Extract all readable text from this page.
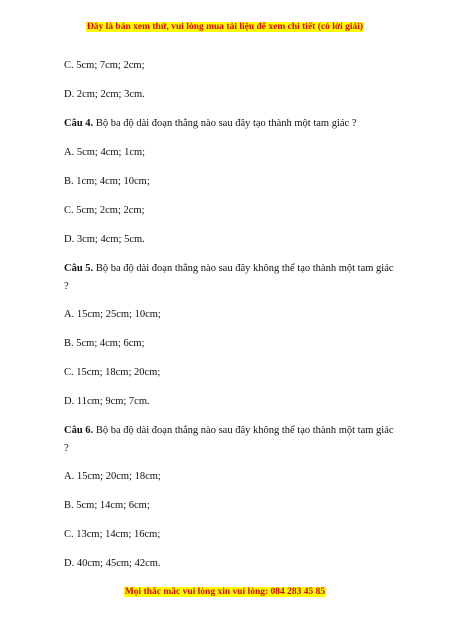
Đây là bản xem thử, vui lòng mua tài liệu để xem chi tiết (có lời giải)
C. 5cm; 7cm; 2cm;
D. 2cm; 2cm; 3cm.
Câu 4. Bộ ba độ dài đoạn thẳng nào sau đây tạo thành một tam giác ?
A. 5cm; 4cm; 1cm;
B. 1cm; 4cm; 10cm;
C. 5cm; 2cm; 2cm;
D. 3cm; 4cm; 5cm.
Câu 5. Bộ ba độ dài đoạn thẳng nào sau đây không thể tạo thành một tam giác
?
A. 15cm; 25cm; 10cm;
B. 5cm; 4cm; 6cm;
C. 15cm; 18cm; 20cm;
D. 11cm; 9cm; 7cm.
Câu 6. Bộ ba độ dài đoạn thẳng nào sau đây không thể tạo thành một tam giác
?
A. 15cm; 20cm; 18cm;
B. 5cm; 14cm; 6cm;
C. 13cm; 14cm; 16cm;
D. 40cm; 45cm; 42cm.
Mọi thắc mắc vui lòng xin vui lòng: 084 283 45 85
